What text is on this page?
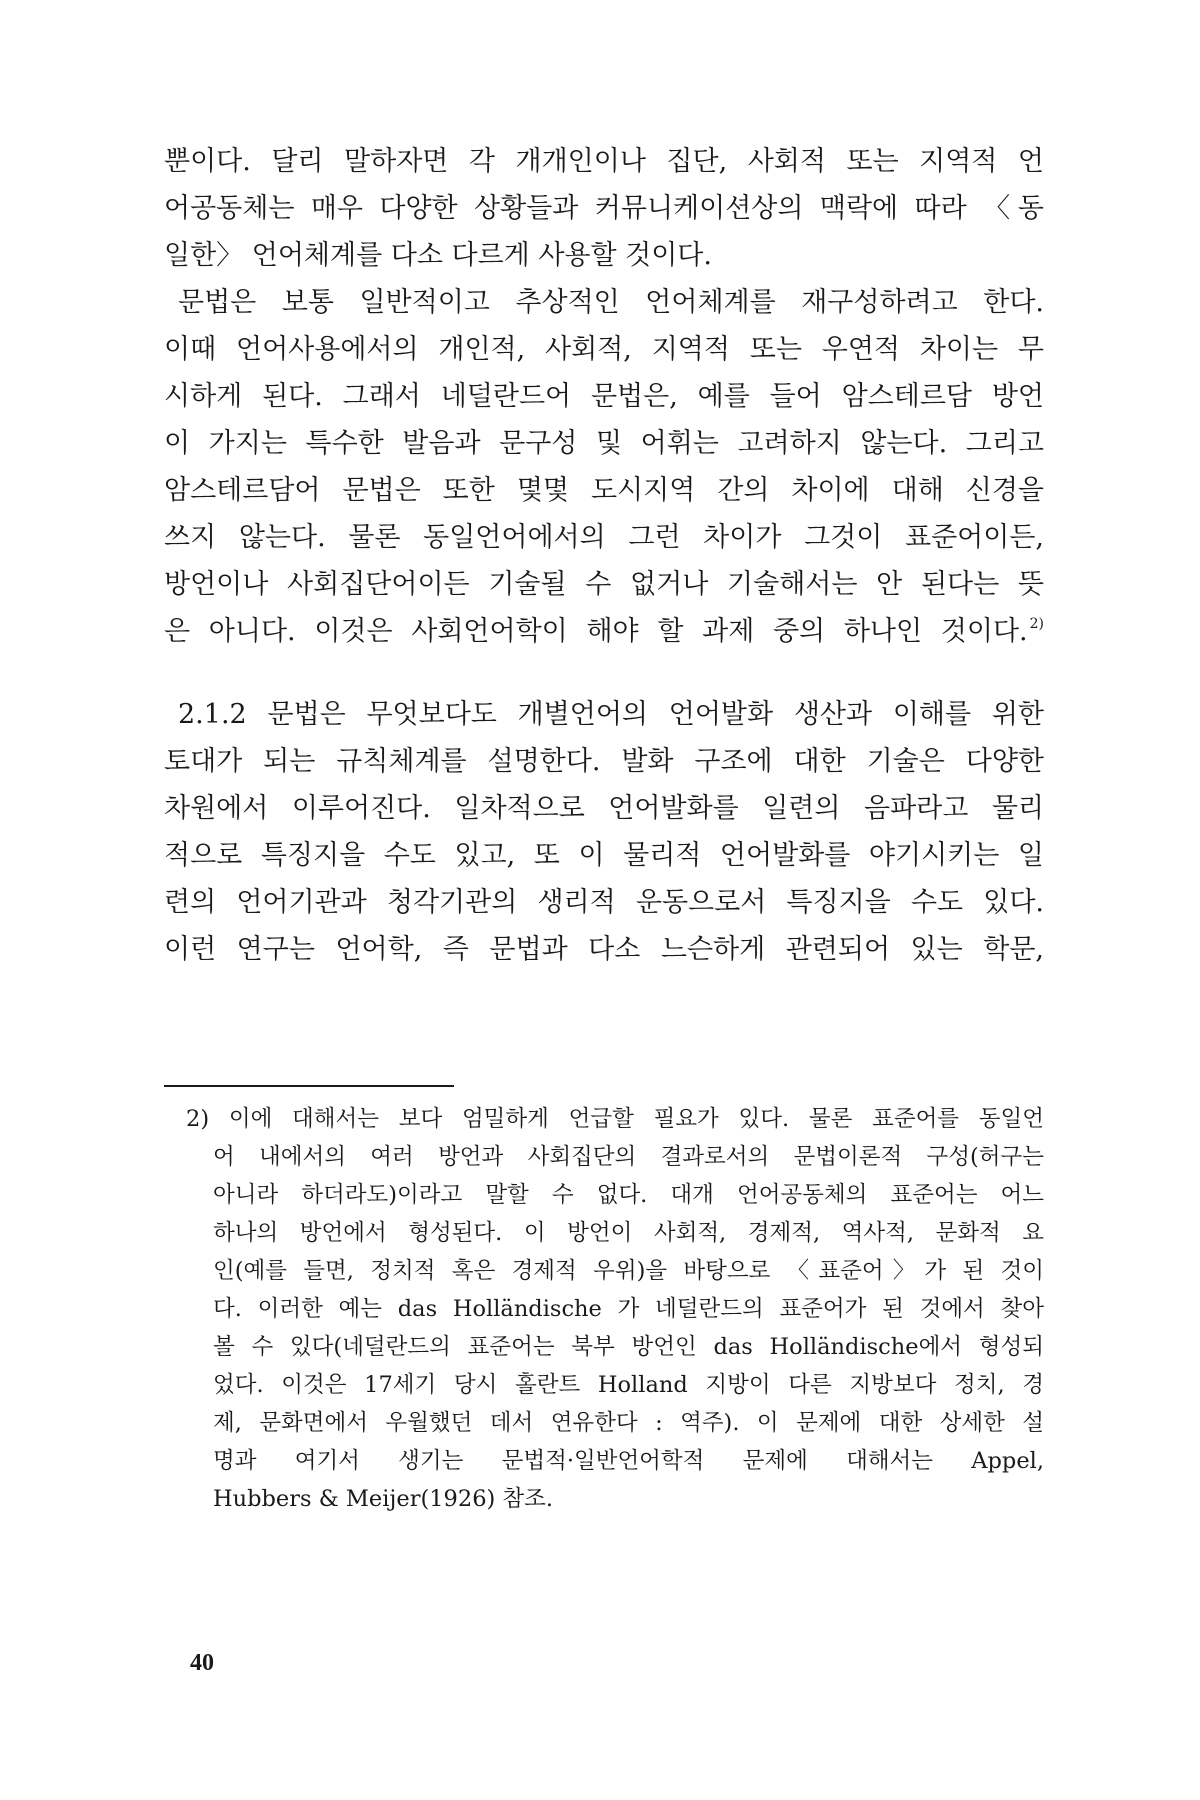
뿐이다. 달리 말하자면 각 개개인이나 집단, 사회적 또는 지역적 언
어공동체는 매우 다양한 상황들과 커뮤니케이션상의 맥락에 따라 〈동
일한〉 언어체계를 다소 다르게 사용할 것이다.
문법은 보통 일반적이고 추상적인 언어체계를 재구성하려고 한다.
이때 언어사용에서의 개인적, 사회적, 지역적 또는 우연적 차이는 무
시하게 된다. 그래서 네덜란드어 문법은, 예를 들어 암스테르담 방언
이 가지는 특수한 발음과 문구성 및 어휘는 고려하지 않는다. 그리고
암스테르담어 문법은 또한 몇몇 도시지역 간의 차이에 대해 신경을
쓰지 않는다. 물론 동일언어에서의 그런 차이가 그것이 표준어이든,
방언이나 사회집단어이든 기술될 수 없거나 기술해서는 안 된다는 뜻
은 아니다. 이것은 사회언어학이 해야 할 과제 중의 하나인 것이다. $^{2)}$
2.1.2 문법은 무엇보다도 개별언어의 언어발화 생산과 이해를 위한
토대가 되는 규칙체계를 설명한다. 발화 구조에 대한 기술은 다양한
차원에서 이루어진다. 일차적으로 언어발화를 일련의 음파라고 물리
적으로 특징지을 수도 있고, 또 이 물리적 언어발화를 야기시키는 일
련의 언어기관과 청각기관의 생리적 운동으로서 특징지을 수도 있다.
이런 연구는 언어학, 즉 문법과 다소 느슨하게 관련되어 있는 학문,
2) 이에 대해서는 보다 엄밀하게 언급할 필요가 있다. 물론 표준어를 동일언
어 내에서의 여러 방언과 사회집단의 결과로서의 문법이론적 구성(허구는
아니라 하더라도)이라고 말할 수 없다. 대개 언어공동체의 표준어는 어느
하나의 방언에서 형성된다. 이 방언이 사회적, 경제적, 역사적, 문화적 요
인(예를 들면, 정치적 혹은 경제적 우위)을 바탕으로 〈표준어〉가 된 것이
다. 이러한 예는 das Holländische 가 네덜란드의 표준어가 된 것에서 찾아
볼 수 있다(네덜란드의 표준어는 북부 방언인 das Holländische에서 형성되
었다. 이것은 17세기 당시 홀란트 Holland 지방이 다른 지방보다 정치, 경
제, 문화면에서 우월했던 데서 연유한다 : 역주). 이 문제에 대한 상세한 설
명과 여기서 생기는 문법적·일반언어학적 문제에 대해서는 Appel,
Hubbers & Meijer(1926) 참조.
40
